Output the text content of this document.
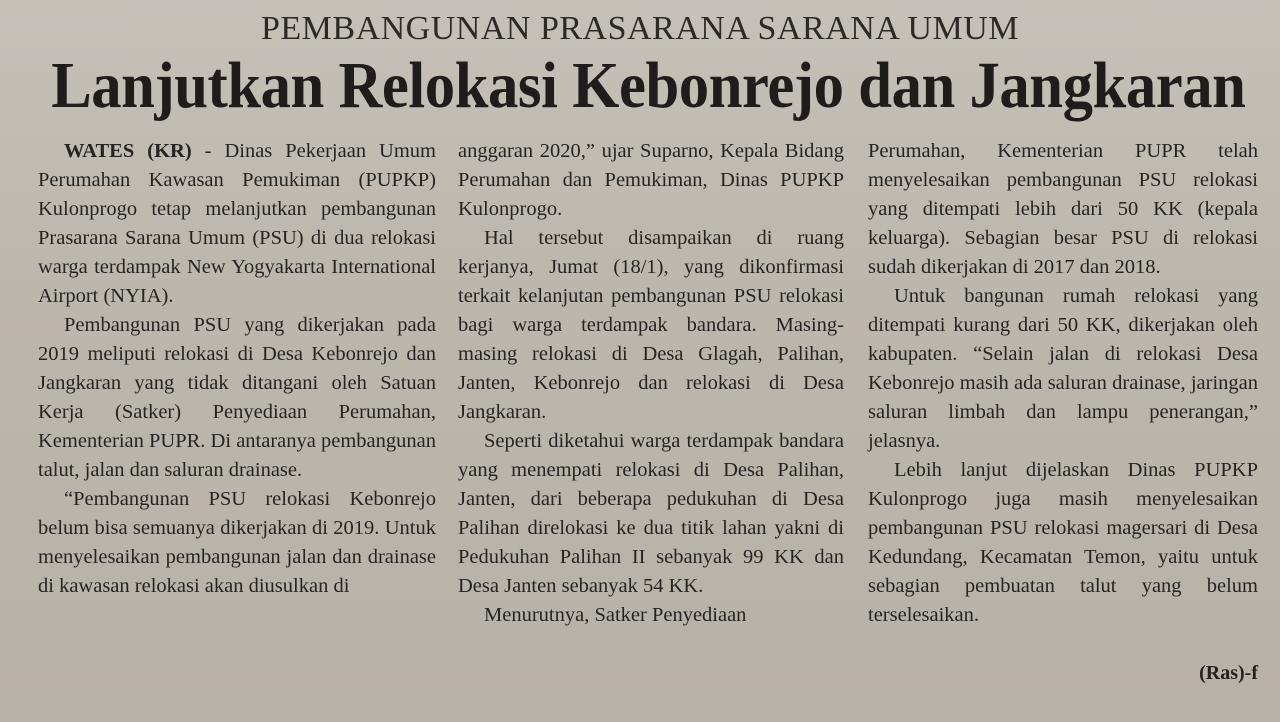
PEMBANGUNAN PRASARANA SARANA UMUM
Lanjutkan Relokasi Kebonrejo dan Jangkaran

WATES (KR) - Dinas Pekerjaan Umum Perumahan Kawasan Pemukiman (PUPKP) Kulonprogo tetap melanjutkan pembangunan Prasarana Sarana Umum (PSU) di dua relokasi warga terdampak New Yogyakarta International Airport (NYIA).

Pembangunan PSU yang dikerjakan pada 2019 meliputi relokasi di Desa Kebonrejo dan Jangkaran yang tidak ditangani oleh Satuan Kerja (Satker) Penyediaan Perumahan, Kementerian PUPR. Di antaranya pembangunan talut, jalan dan saluran drainase.

“Pembangunan PSU relokasi Kebonrejo belum bisa semuanya dikerjakan di 2019. Untuk menyelesaikan pembangunan jalan dan drainase di kawasan relokasi akan diusulkan di

anggaran 2020,” ujar Suparno, Kepala Bidang Perumahan dan Pemukiman, Dinas PUPKP Kulonprogo.

Hal tersebut disampaikan di ruang kerjanya, Jumat (18/1), yang dikonfirmasi terkait kelanjutan pembangunan PSU relokasi bagi warga terdampak bandara. Masing-masing relokasi di Desa Glagah, Palihan, Janten, Kebonrejo dan relokasi di Desa Jangkaran.

Seperti diketahui warga terdampak bandara yang menempati relokasi di Desa Palihan, Janten, dari beberapa pedukuhan di Desa Palihan direlokasi ke dua titik lahan yakni di Pedukuhan Palihan II sebanyak 99 KK dan Desa Janten sebanyak 54 KK.

Menurutnya, Satker Penyediaan

Perumahan, Kementerian PUPR telah menyelesaikan pembangunan PSU relokasi yang ditempati lebih dari 50 KK (kepala keluarga). Sebagian besar PSU di relokasi sudah dikerjakan di 2017 dan 2018.

Untuk bangunan rumah relokasi yang ditempati kurang dari 50 KK, dikerjakan oleh kabupaten. “Selain jalan di relokasi Desa Kebonrejo masih ada saluran drainase, jaringan saluran limbah dan lampu penerangan,” jelasnya.

Lebih lanjut dijelaskan Dinas PUPKP Kulonprogo juga masih menyelesaikan pembangunan PSU relokasi magersari di Desa Kedundang, Kecamatan Temon, yaitu untuk sebagian pembuatan talut yang belum terselesaikan.

(Ras)-f
